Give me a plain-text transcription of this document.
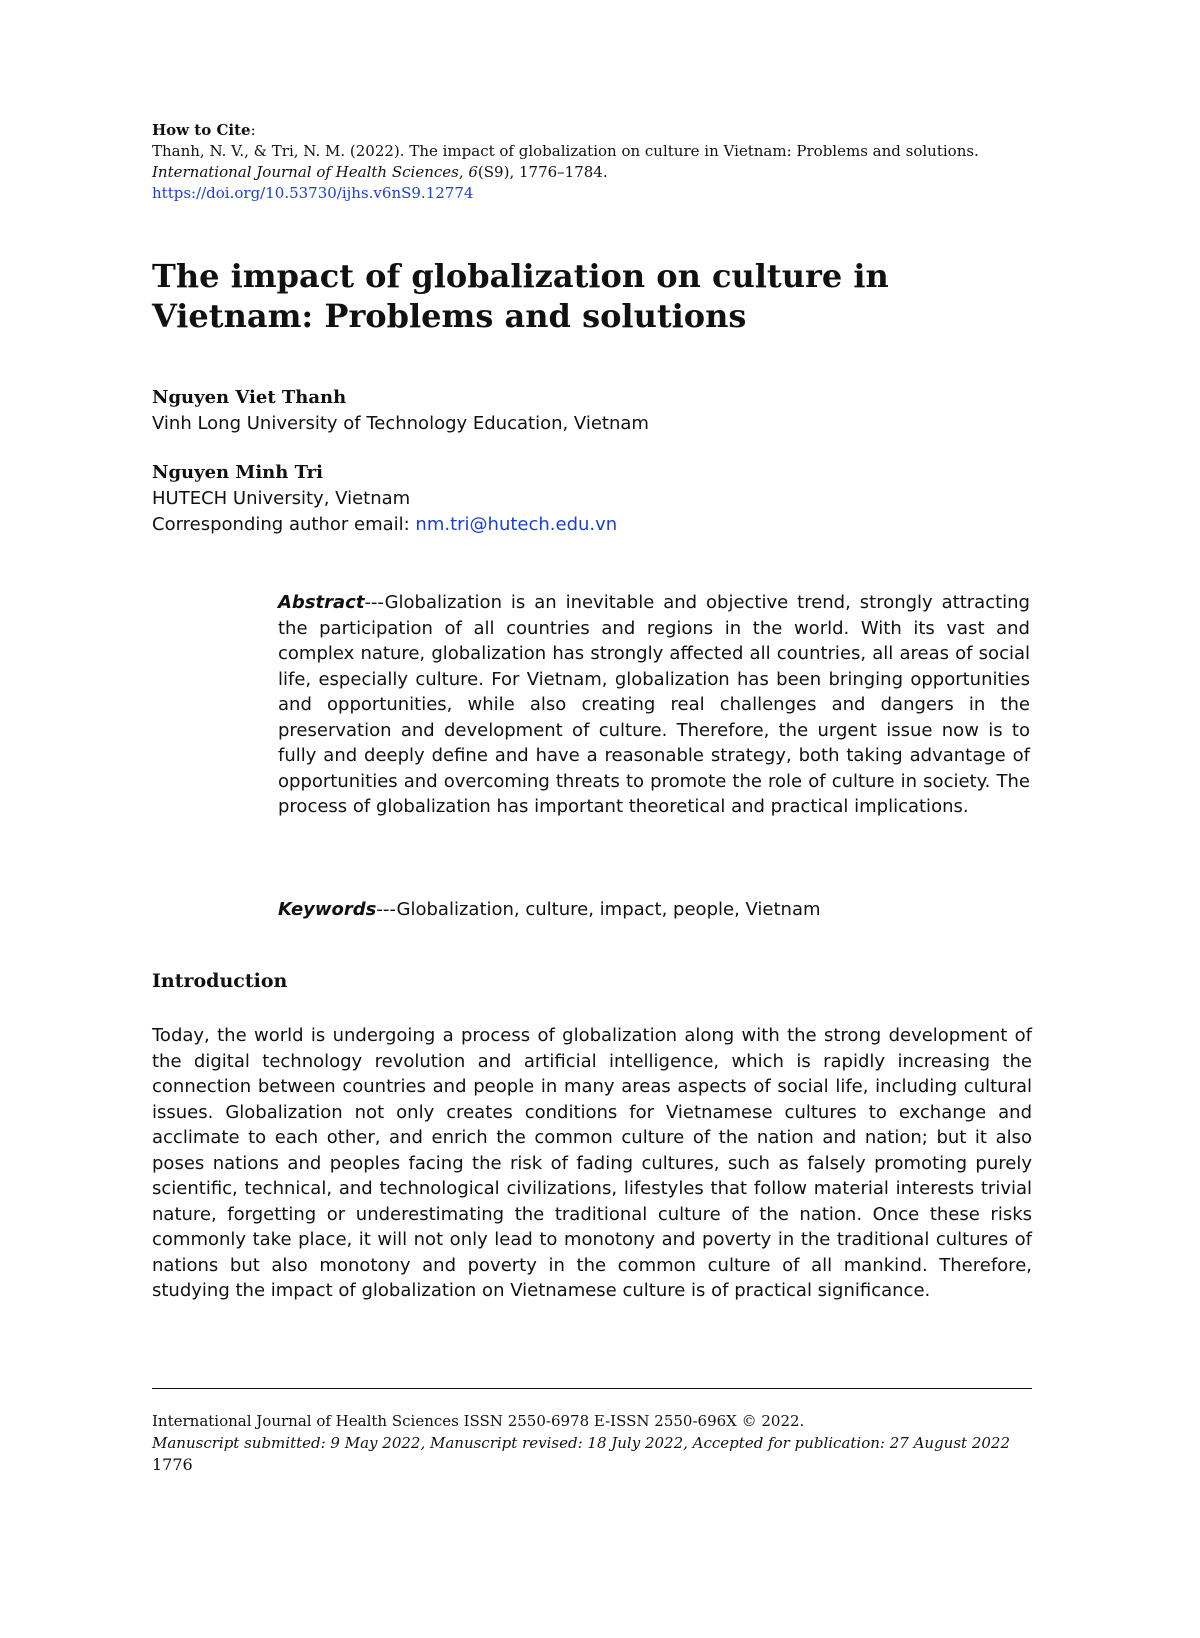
How to Cite:
Thanh, N. V., & Tri, N. M. (2022). The impact of globalization on culture in Vietnam: Problems and solutions. International Journal of Health Sciences, 6(S9), 1776–1784.
https://doi.org/10.53730/ijhs.v6nS9.12774
The impact of globalization on culture in Vietnam: Problems and solutions
Nguyen Viet Thanh
Vinh Long University of Technology Education, Vietnam
Nguyen Minh Tri
HUTECH University, Vietnam
Corresponding author email: nm.tri@hutech.edu.vn

Abstract---Globalization is an inevitable and objective trend, strongly attracting the participation of all countries and regions in the world. With its vast and complex nature, globalization has strongly affected all countries, all areas of social life, especially culture. For Vietnam, globalization has been bringing opportunities and opportunities, while also creating real challenges and dangers in the preservation and development of culture. Therefore, the urgent issue now is to fully and deeply define and have a reasonable strategy, both taking advantage of opportunities and overcoming threats to promote the role of culture in society. The process of globalization has important theoretical and practical implications.

Keywords---Globalization, culture, impact, people, Vietnam

Introduction

Today, the world is undergoing a process of globalization along with the strong development of the digital technology revolution and artificial intelligence, which is rapidly increasing the connection between countries and people in many areas aspects of social life, including cultural issues. Globalization not only creates conditions for Vietnamese cultures to exchange and acclimate to each other, and enrich the common culture of the nation and nation; but it also poses nations and peoples facing the risk of fading cultures, such as falsely promoting purely scientific, technical, and technological civilizations, lifestyles that follow material interests trivial nature, forgetting or underestimating the traditional culture of the nation. Once these risks commonly take place, it will not only lead to monotony and poverty in the traditional cultures of nations but also monotony and poverty in the common culture of all mankind. Therefore, studying the impact of globalization on Vietnamese culture is of practical significance.

International Journal of Health Sciences ISSN 2550-6978 E-ISSN 2550-696X © 2022.
Manuscript submitted: 9 May 2022, Manuscript revised: 18 July 2022, Accepted for publication: 27 August 2022
1776
